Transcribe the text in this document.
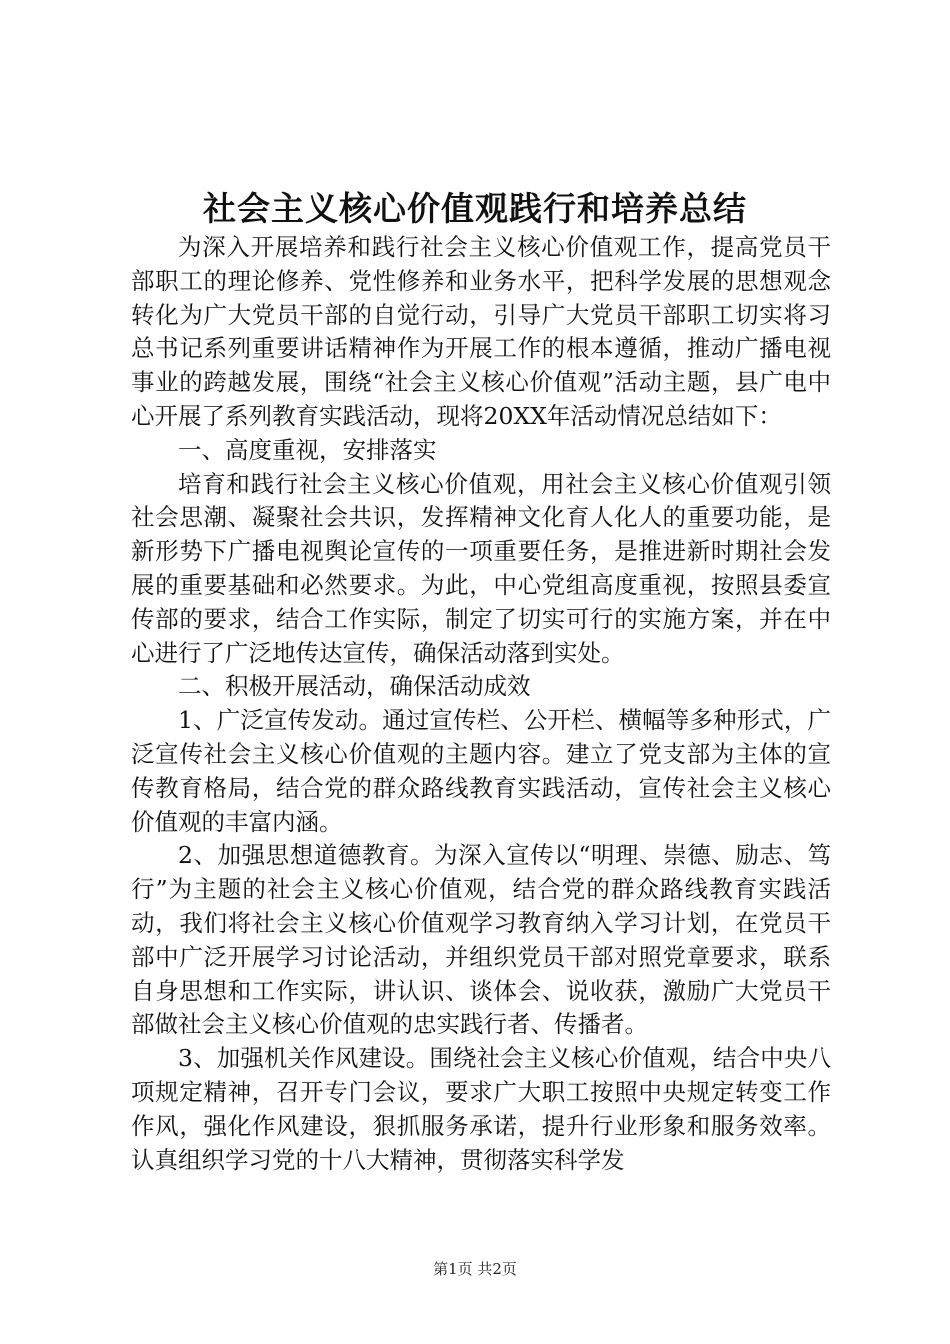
社会主义核心价值观践行和培养总结

为深入开展培养和践行社会主义核心价值观工作，提高党员干部职工的理论修养、党性修养和业务水平，把科学发展的思想观念转化为广大党员干部的自觉行动，引导广大党员干部职工切实将习总书记系列重要讲话精神作为开展工作的根本遵循，推动广播电视事业的跨越发展，围绕“社会主义核心价值观”活动主题，县广电中心开展了系列教育实践活动，现将20XX年活动情况总结如下：

一、高度重视，安排落实

培育和践行社会主义核心价值观，用社会主义核心价值观引领社会思潮、凝聚社会共识，发挥精神文化育人化人的重要功能，是新形势下广播电视舆论宣传的一项重要任务，是推进新时期社会发展的重要基础和必然要求。为此，中心党组高度重视，按照县委宣传部的要求，结合工作实际，制定了切实可行的实施方案，并在中心进行了广泛地传达宣传，确保活动落到实处。

二、积极开展活动，确保活动成效

1、广泛宣传发动。通过宣传栏、公开栏、横幅等多种形式，广泛宣传社会主义核心价值观的主题内容。建立了党支部为主体的宣传教育格局，结合党的群众路线教育实践活动，宣传社会主义核心价值观的丰富内涵。

2、加强思想道德教育。为深入宣传以“明理、崇德、励志、笃行”为主题的社会主义核心价值观，结合党的群众路线教育实践活动，我们将社会主义核心价值观学习教育纳入学习计划，在党员干部中广泛开展学习讨论活动，并组织党员干部对照党章要求，联系自身思想和工作实际，讲认识、谈体会、说收获，激励广大党员干部做社会主义核心价值观的忠实践行者、传播者。

3、加强机关作风建设。围绕社会主义核心价值观，结合中央八项规定精神，召开专门会议，要求广大职工按照中央规定转变工作作风，强化作风建设，狠抓服务承诺，提升行业形象和服务效率。认真组织学习党的十八大精神，贯彻落实科学发

第1页 共2页
